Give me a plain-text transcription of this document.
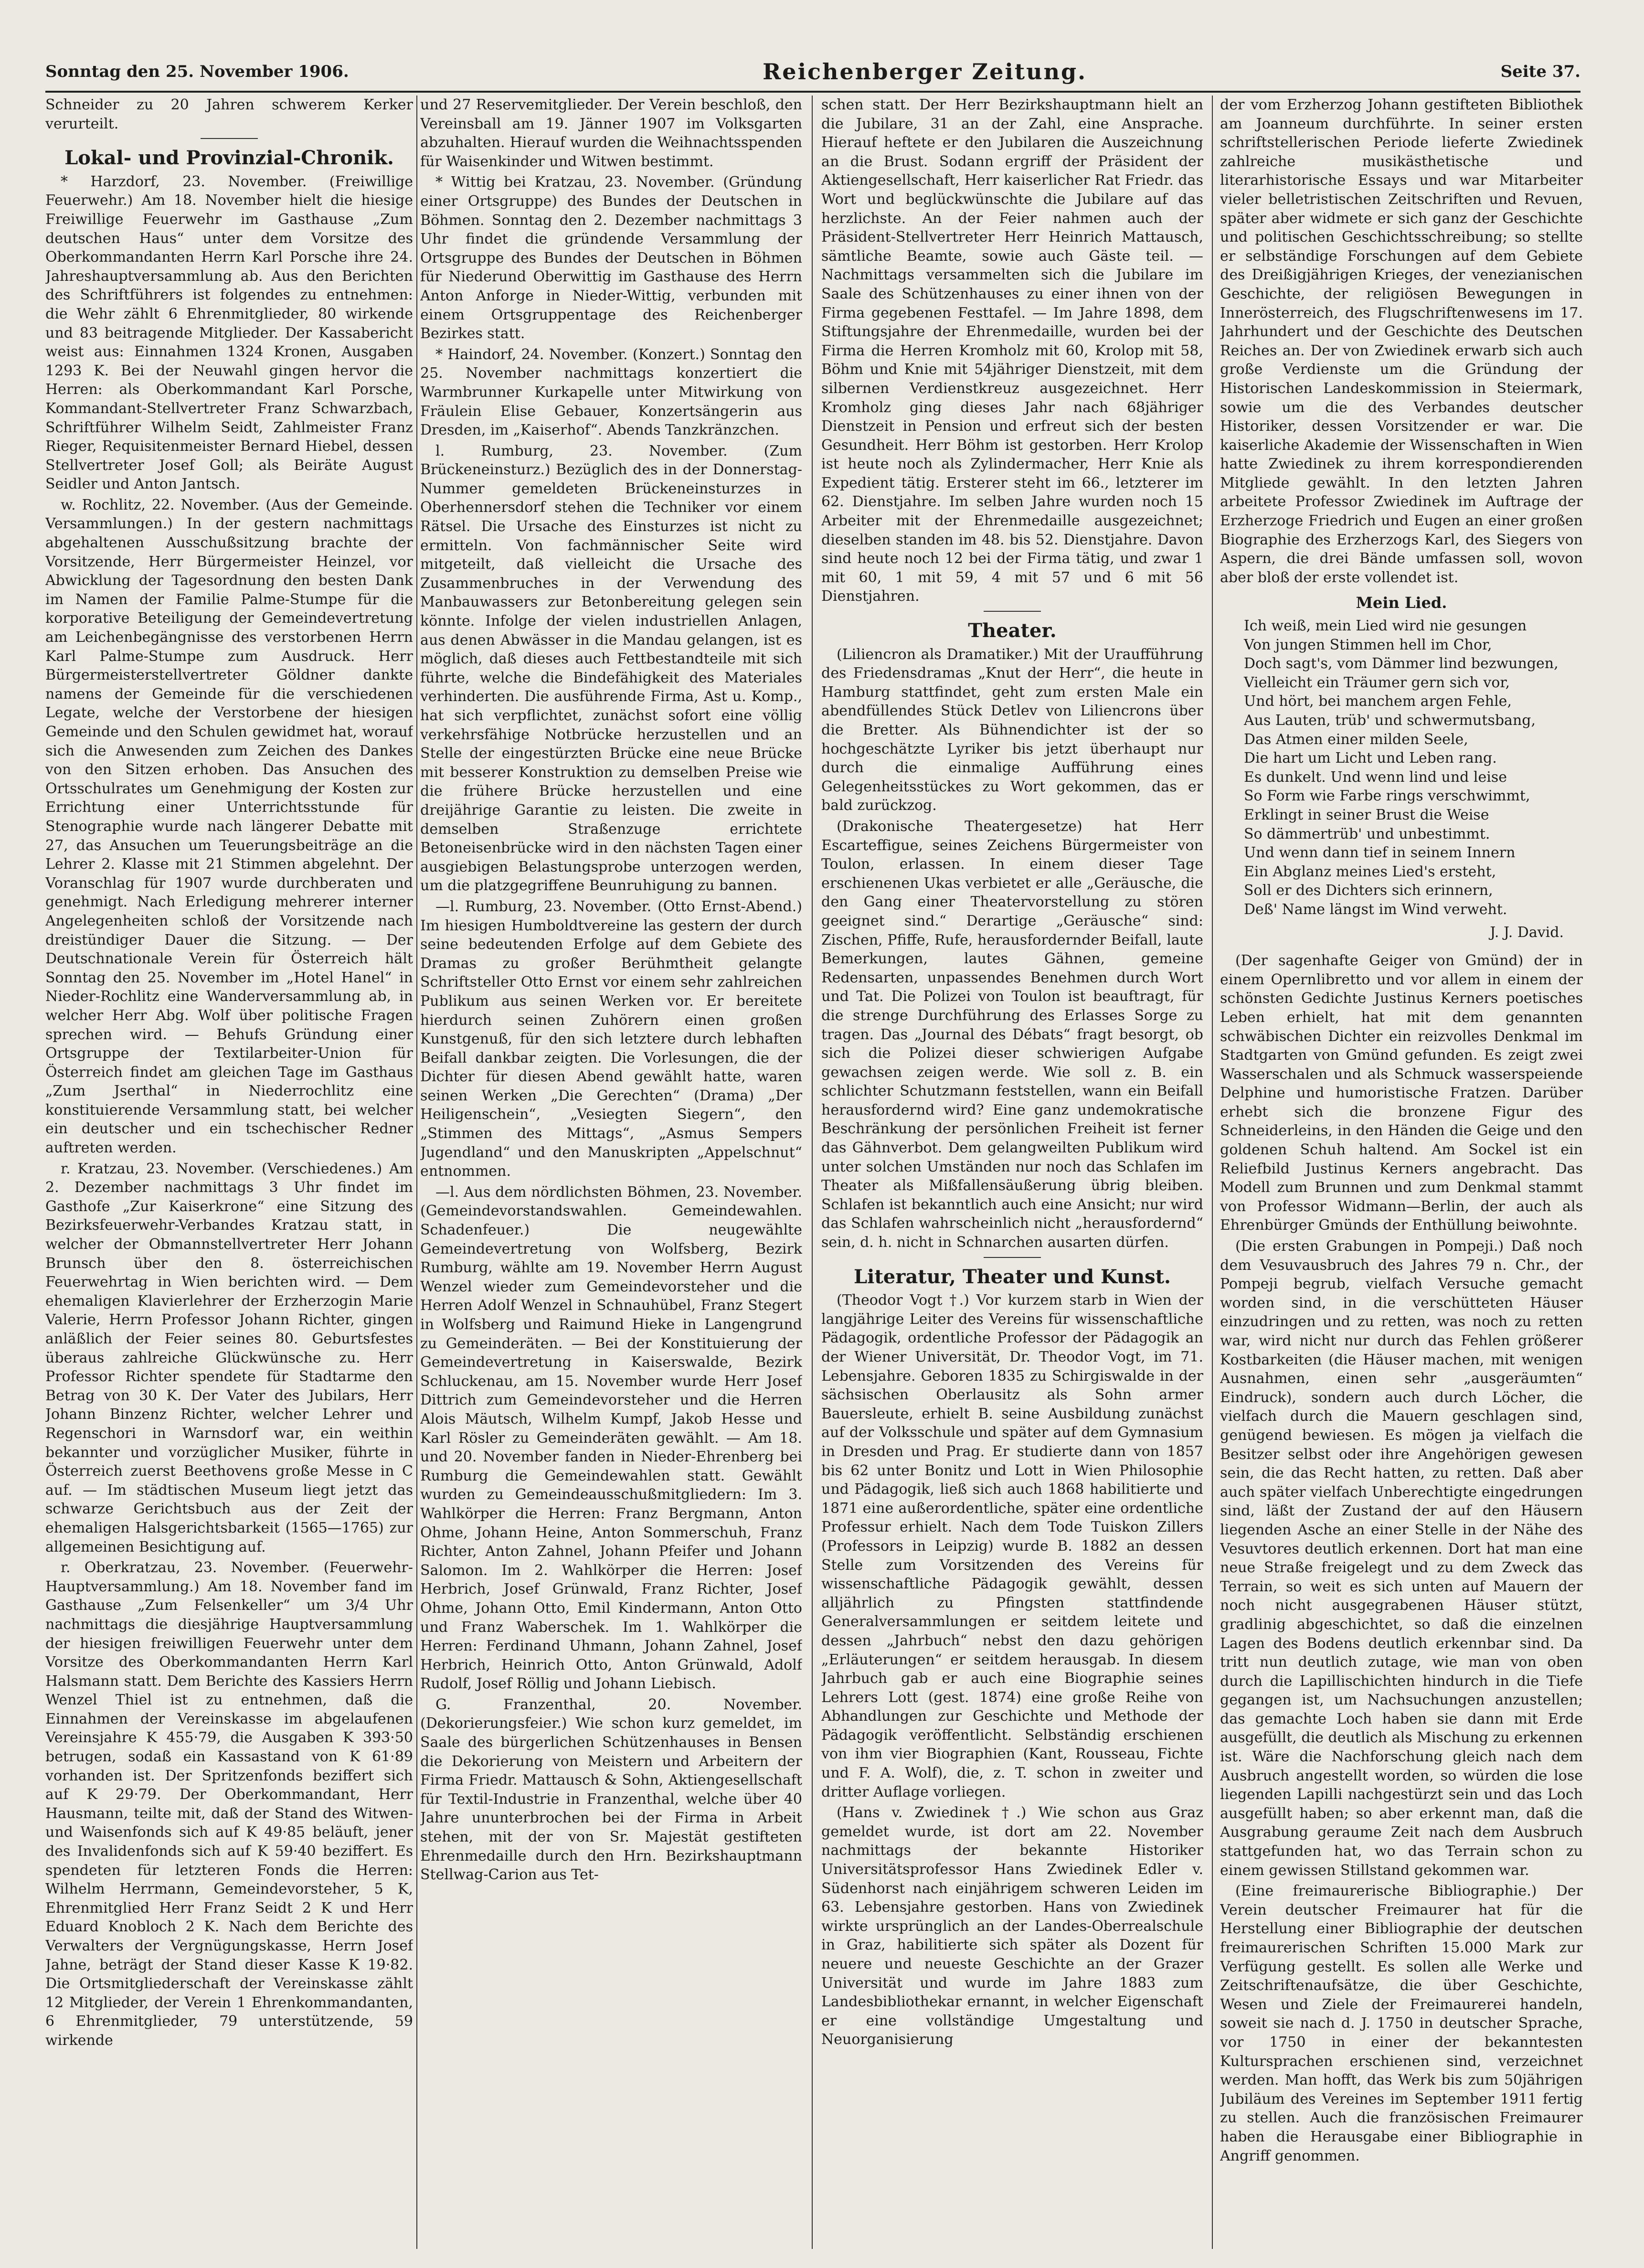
Sonntag den 25. November 1906.	Reichenberger Zeitung.	Seite 37.

Schneider zu 20 Jahren schwerem Kerker verurteilt.

Lokal- und Provinzial-Chronik.

* Harzdorf, 23. November. (Freiwillige Feuerwehr.) Am 18. November hielt die hiesige Freiwillige Feuerwehr im Gasthause „Zum deutschen Haus“ unter dem Vorsitze des Oberkommandanten Herrn Karl Porsche ihre 24. Jahreshauptversammlung ab. Aus den Berichten des Schriftführers ist folgendes zu entnehmen: die Wehr zählt 6 Ehrenmitglieder, 80 wirkende und 83 beitragende Mitglieder. Der Kassabericht weist aus: Einnahmen 1324 Kronen, Ausgaben 1293 K. Bei der Neuwahl gingen hervor die Herren: als Oberkommandant Karl Porsche, Kommandant-Stellvertreter Franz Schwarzbach, Schriftführer Wilhelm Seidt, Zahlmeister Franz Rieger, Requisitenmeister Bernard Hiebel, dessen Stellvertreter Josef Goll; als Beiräte August Seidler und Anton Jantsch.

w. Rochlitz, 22. November. (Aus der Gemeinde. Versammlungen.) In der gestern nachmittags abgehaltenen Ausschußsitzung brachte der Vorsitzende, Herr Bürgermeister Heinzel, vor Abwicklung der Tagesordnung den besten Dank im Namen der Familie Palme-Stumpe für die korporative Beteiligung der Gemeindevertretung am Leichenbegängnisse des verstorbenen Herrn Karl Palme-Stumpe zum Ausdruck. Herr Bürgermeisterstellvertreter Göldner dankte namens der Gemeinde für die verschiedenen Legate, welche der Verstorbene der hiesigen Gemeinde und den Schulen gewidmet hat, worauf sich die Anwesenden zum Zeichen des Dankes von den Sitzen erhoben. Das Ansuchen des Ortsschulrates um Genehmigung der Kosten zur Errichtung einer Unterrichtsstunde für Stenographie wurde nach längerer Debatte mit 27, das Ansuchen um Teuerungsbeiträge an die Lehrer 2. Klasse mit 21 Stimmen abgelehnt. Der Voranschlag für 1907 wurde durchberaten und genehmigt. Nach Erledigung mehrerer interner Angelegenheiten schloß der Vorsitzende nach dreistündiger Dauer die Sitzung. — Der Deutschnationale Verein für Österreich hält Sonntag den 25. November im „Hotel Hanel“ in Nieder-Rochlitz eine Wanderversammlung ab, in welcher Herr Abg. Wolf über politische Fragen sprechen wird. — Behufs Gründung einer Ortsgruppe der Textilarbeiter-Union für Österreich findet am gleichen Tage im Gasthaus „Zum Jserthal“ in Niederrochlitz eine konstituierende Versammlung statt, bei welcher ein deutscher und ein tschechischer Redner auftreten werden.

r. Kratzau, 23. November. (Verschiedenes.) Am 2. Dezember nachmittags 3 Uhr findet im Gasthofe „Zur Kaiserkrone“ eine Sitzung des Bezirksfeuerwehr-Verbandes Kratzau statt, in welcher der Obmannstellvertreter Herr Johann Brunsch über den 8. österreichischen Feuerwehrtag in Wien berichten wird. — Dem ehemaligen Klavierlehrer der Erzherzogin Marie Valerie, Herrn Professor Johann Richter, gingen anläßlich der Feier seines 80. Geburtsfestes überaus zahlreiche Glückwünsche zu. Herr Professor Richter spendete für Stadtarme den Betrag von 30 K. Der Vater des Jubilars, Herr Johann Binzenz Richter, welcher Lehrer und Regenschori in Warnsdorf war, ein weithin bekannter und vorzüglicher Musiker, führte in Österreich zuerst Beethovens große Messe in C auf. — Im städtischen Museum liegt jetzt das schwarze Gerichtsbuch aus der Zeit der ehemaligen Halsgerichtsbarkeit (1565—1765) zur allgemeinen Besichtigung auf.

r. Oberkratzau, 23. November. (Feuerwehr-Hauptversammlung.) Am 18. November fand im Gasthause „Zum Felsenkeller“ um 3/4 Uhr nachmittags die diesjährige Hauptversammlung der hiesigen freiwilligen Feuerwehr unter dem Vorsitze des Oberkommandanten Herrn Karl Halsmann statt. Dem Berichte des Kassiers Herrn Wenzel Thiel ist zu entnehmen, daß die Einnahmen der Vereinskasse im abgelaufenen Vereinsjahre K 455·79, die Ausgaben K 393·50 betrugen, sodaß ein Kassastand von K 61·89 vorhanden ist. Der Spritzenfonds beziffert sich auf K 29·79. Der Oberkommandant, Herr Hausmann, teilte mit, daß der Stand des Witwen- und Waisenfonds sich auf K 49·85 beläuft, jener des Invalidenfonds sich auf K 59·40 beziffert. Es spendeten für letzteren Fonds die Herren: Wilhelm Herrmann, Gemeindevorsteher, 5 K, Ehrenmitglied Herr Franz Seidt 2 K und Herr Eduard Knobloch 2 K. Nach dem Berichte des Verwalters der Vergnügungskasse, Herrn Josef Jahne, beträgt der Stand dieser Kasse K 19·82. Die Ortsmitgliederschaft der Vereinskasse zählt 12 Mitglieder, der Verein 1 Ehrenkommandanten, 6 Ehrenmitglieder, 79 unterstützende, 59 wirkende

und 27 Reservemitglieder. Der Verein beschloß, den Vereinsball am 19. Jänner 1907 im Volksgarten abzuhalten. Hierauf wurden die Weihnachtsspenden für Waisenkinder und Witwen bestimmt.

* Wittig bei Kratzau, 23. November. (Gründung einer Ortsgruppe) des Bundes der Deutschen in Böhmen. Sonntag den 2. Dezember nachmittags 3 Uhr findet die gründende Versammlung der Ortsgruppe des Bundes der Deutschen in Böhmen für Niederund Oberwittig im Gasthause des Herrn Anton Anforge in Nieder-Wittig, verbunden mit einem Ortsgruppentage des Reichenberger Bezirkes statt.

* Haindorf, 24. November. (Konzert.) Sonntag den 25. November nachmittags konzertiert die Warmbrunner Kurkapelle unter Mitwirkung von Fräulein Elise Gebauer, Konzertsängerin aus Dresden, im „Kaiserhof“. Abends Tanzkränzchen.

l. Rumburg, 23. November. (Zum Brückeneinsturz.) Bezüglich des in der Donnerstag-Nummer gemeldeten Brückeneinsturzes in Oberhennersdorf stehen die Techniker vor einem Rätsel. Die Ursache des Einsturzes ist nicht zu ermitteln. Von fachmännischer Seite wird mitgeteilt, daß vielleicht die Ursache des Zusammenbruches in der Verwendung des Manbauwassers zur Betonbereitung gelegen sein könnte. Infolge der vielen industriellen Anlagen, aus denen Abwässer in die Mandau gelangen, ist es möglich, daß dieses auch Fettbestandteile mit sich führte, welche die Bindefähigkeit des Materiales verhinderten. Die ausführende Firma, Ast u. Komp., hat sich verpflichtet, zunächst sofort eine völlig verkehrsfähige Notbrücke herzustellen und an Stelle der eingestürzten Brücke eine neue Brücke mit besserer Konstruktion zu demselben Preise wie die frühere Brücke herzustellen und eine dreijährige Garantie zu leisten. Die zweite in demselben Straßenzuge errichtete Betoneisenbrücke wird in den nächsten Tagen einer ausgiebigen Belastungsprobe unterzogen werden, um die platzgegriffene Beunruhigung zu bannen.

—l. Rumburg, 23. November. (Otto Ernst-Abend.) Im hiesigen Humboldtvereine las gestern der durch seine bedeutenden Erfolge auf dem Gebiete des Dramas zu großer Berühmtheit gelangte Schriftsteller Otto Ernst vor einem sehr zahlreichen Publikum aus seinen Werken vor. Er bereitete hierdurch seinen Zuhörern einen großen Kunstgenuß, für den sich letztere durch lebhaften Beifall dankbar zeigten. Die Vorlesungen, die der Dichter für diesen Abend gewählt hatte, waren seinen Werken „Die Gerechten“ (Drama) „Der Heiligenschein“, „Vesiegten Siegern“, den „Stimmen des Mittags“, „Asmus Sempers Jugendland“ und den Manuskripten „Appelschnut“ entnommen.

—l. Aus dem nördlichsten Böhmen, 23. November. (Gemeindevorstandswahlen. Gemeindewahlen. Schadenfeuer.) Die neugewählte Gemeindevertretung von Wolfsberg, Bezirk Rumburg, wählte am 19. November Herrn August Wenzel wieder zum Gemeindevorsteher und die Herren Adolf Wenzel in Schnauhübel, Franz Stegert in Wolfsberg und Raimund Hieke in Langengrund zu Gemeinderäten. — Bei der Konstituierung der Gemeindevertretung in Kaiserswalde, Bezirk Schluckenau, am 15. November wurde Herr Josef Dittrich zum Gemeindevorsteher und die Herren Alois Mäutsch, Wilhelm Kumpf, Jakob Hesse und Karl Rösler zu Gemeinderäten gewählt. — Am 18. und 20. November fanden in Nieder-Ehrenberg bei Rumburg die Gemeindewahlen statt. Gewählt wurden zu Gemeindeausschußmitgliedern: Im 3. Wahlkörper die Herren: Franz Bergmann, Anton Ohme, Johann Heine, Anton Sommerschuh, Franz Richter, Anton Zahnel, Johann Pfeifer und Johann Salomon. Im 2. Wahlkörper die Herren: Josef Herbrich, Josef Grünwald, Franz Richter, Josef Ohme, Johann Otto, Emil Kindermann, Anton Otto und Franz Waberschek. Im 1. Wahlkörper die Herren: Ferdinand Uhmann, Johann Zahnel, Josef Herbrich, Heinrich Otto, Anton Grünwald, Adolf Rudolf, Josef Röllig und Johann Liebisch.

G. Franzenthal, 20. November. (Dekorierungsfeier.) Wie schon kurz gemeldet, im Saale des bürgerlichen Schützenhauses in Bensen die Dekorierung von Meistern und Arbeitern der Firma Friedr. Mattausch & Sohn, Aktiengesellschaft für Textil-Industrie in Franzenthal, welche über 40 Jahre ununterbrochen bei der Firma in Arbeit stehen, mit der von Sr. Majestät gestifteten Ehrenmedaille durch den Hrn. Bezirkshauptmann Stellwag-Carion aus Tet-

schen statt. Der Herr Bezirkshauptmann hielt an die Jubilare, 31 an der Zahl, eine Ansprache. Hierauf heftete er den Jubilaren die Auszeichnung an die Brust. Sodann ergriff der Präsident der Aktiengesellschaft, Herr kaiserlicher Rat Friedr. das Wort und beglückwünschte die Jubilare auf das herzlichste. An der Feier nahmen auch der Präsident-Stellvertreter Herr Heinrich Mattausch, sämtliche Beamte, sowie auch Gäste teil. — Nachmittags versammelten sich die Jubilare im Saale des Schützenhauses zu einer ihnen von der Firma gegebenen Festtafel. — Im Jahre 1898, dem Stiftungsjahre der Ehrenmedaille, wurden bei der Firma die Herren Kromholz mit 60, Krolop mit 58, Böhm und Knie mit 54jähriger Dienstzeit, mit dem silbernen Verdienstkreuz ausgezeichnet. Herr Kromholz ging dieses Jahr nach 68jähriger Dienstzeit in Pension und erfreut sich der besten Gesundheit. Herr Böhm ist gestorben. Herr Krolop ist heute noch als Zylindermacher, Herr Knie als Expedient tätig. Ersterer steht im 66., letzterer im 62. Dienstjahre. Im selben Jahre wurden noch 15 Arbeiter mit der Ehrenmedaille ausgezeichnet; dieselben standen im 48. bis 52. Dienstjahre. Davon sind heute noch 12 bei der Firma tätig, und zwar 1 mit 60, 1 mit 59, 4 mit 57 und 6 mit 56 Dienstjahren.

Theater.

(Liliencron als Dramatiker.) Mit der Uraufführung des Friedensdramas „Knut der Herr“, die heute in Hamburg stattfindet, geht zum ersten Male ein abendfüllendes Stück Detlev von Liliencrons über die Bretter. Als Bühnendichter ist der so hochgeschätzte Lyriker bis jetzt überhaupt nur durch die einmalige Aufführung eines Gelegenheitsstückes zu Wort gekommen, das er bald zurückzog.

(Drakonische Theatergesetze) hat Herr Escarteffigue, seines Zeichens Bürgermeister von Toulon, erlassen. In einem dieser Tage erschienenen Ukas verbietet er alle „Geräusche, die den Gang einer Theatervorstellung zu stören geeignet sind.“ Derartige „Geräusche“ sind: Zischen, Pfiffe, Rufe, herausfordernder Beifall, laute Bemerkungen, lautes Gähnen, gemeine Redensarten, unpassendes Benehmen durch Wort und Tat. Die Polizei von Toulon ist beauftragt, für die strenge Durchführung des Erlasses Sorge zu tragen. Das „Journal des Débats“ fragt besorgt, ob sich die Polizei dieser schwierigen Aufgabe gewachsen zeigen werde. Wie soll z. B. ein schlichter Schutzmann feststellen, wann ein Beifall herausfordernd wird? Eine ganz undemokratische Beschränkung der persönlichen Freiheit ist ferner das Gähnverbot. Dem gelangweilten Publikum wird unter solchen Umständen nur noch das Schlafen im Theater als Mißfallensäußerung übrig bleiben. Schlafen ist bekanntlich auch eine Ansicht; nur wird das Schlafen wahrscheinlich nicht „herausfordernd“ sein, d. h. nicht in Schnarchen ausarten dürfen.

Literatur, Theater und Kunst.

(Theodor Vogt †.) Vor kurzem starb in Wien der langjährige Leiter des Vereins für wissenschaftliche Pädagogik, ordentliche Professor der Pädagogik an der Wiener Universität, Dr. Theodor Vogt, im 71. Lebensjahre. Geboren 1835 zu Schirgiswalde in der sächsischen Oberlausitz als Sohn armer Bauersleute, erhielt B. seine Ausbildung zunächst auf der Volksschule und später auf dem Gymnasium in Dresden und Prag. Er studierte dann von 1857 bis 62 unter Bonitz und Lott in Wien Philosophie und Pädagogik, ließ sich auch 1868 habilitierte und 1871 eine außerordentliche, später eine ordentliche Professur erhielt. Nach dem Tode Tuiskon Zillers (Professors in Leipzig) wurde B. 1882 an dessen Stelle zum Vorsitzenden des Vereins für wissenschaftliche Pädagogik gewählt, dessen alljährlich zu Pfingsten stattfindende Generalversammlungen er seitdem leitete und dessen „Jahrbuch“ nebst den dazu gehörigen „Erläuterungen“ er seitdem herausgab. In diesem Jahrbuch gab er auch eine Biographie seines Lehrers Lott (gest. 1874) eine große Reihe von Abhandlungen zur Geschichte und Methode der Pädagogik veröffentlicht. Selbständig erschienen von ihm vier Biographien (Kant, Rousseau, Fichte und F. A. Wolf), die, z. T. schon in zweiter und dritter Auflage vorliegen.

(Hans v. Zwiedinek †.) Wie schon aus Graz gemeldet wurde, ist dort am 22. November nachmittags der bekannte Historiker Universitätsprofessor Hans Zwiedinek Edler v. Südenhorst nach einjährigem schweren Leiden im 63. Lebensjahre gestorben. Hans von Zwiedinek wirkte ursprünglich an der Landes-Oberrealschule in Graz, habilitierte sich später als Dozent für neuere und neueste Geschichte an der Grazer Universität und wurde im Jahre 1883 zum Landesbibliothekar ernannt, in welcher Eigenschaft er eine vollständige Umgestaltung und Neuorganisierung

der vom Erzherzog Johann gestifteten Bibliothek am Joanneum durchführte. In seiner ersten schriftstellerischen Periode lieferte Zwiedinek zahlreiche musikästhetische und literarhistorische Essays und war Mitarbeiter vieler belletristischen Zeitschriften und Revuen, später aber widmete er sich ganz der Geschichte und politischen Geschichtsschreibung; so stellte er selbständige Forschungen auf dem Gebiete des Dreißigjährigen Krieges, der venezianischen Geschichte, der religiösen Bewegungen in Innerösterreich, des Flugschriftenwesens im 17. Jahrhundert und der Geschichte des Deutschen Reiches an. Der von Zwiedinek erwarb sich auch große Verdienste um die Gründung der Historischen Landeskommission in Steiermark, sowie um die des Verbandes deutscher Historiker, dessen Vorsitzender er war. Die kaiserliche Akademie der Wissenschaften in Wien hatte Zwiedinek zu ihrem korrespondierenden Mitgliede gewählt. In den letzten Jahren arbeitete Professor Zwiedinek im Auftrage der Erzherzoge Friedrich und Eugen an einer großen Biographie des Erzherzogs Karl, des Siegers von Aspern, die drei Bände umfassen soll, wovon aber bloß der erste vollendet ist.

Mein Lied.
Ich weiß, mein Lied wird nie gesungen
Von jungen Stimmen hell im Chor,
Doch sagt's, vom Dämmer lind bezwungen,
Vielleicht ein Träumer gern sich vor,
Und hört, bei manchem argen Fehle,
Aus Lauten, trüb' und schwermutsbang,
Das Atmen einer milden Seele,
Die hart um Licht und Leben rang.
Es dunkelt. Und wenn lind und leise
So Form wie Farbe rings verschwimmt,
Erklingt in seiner Brust die Weise
So dämmertrüb' und unbestimmt.
Und wenn dann tief in seinem Innern
Ein Abglanz meines Lied's ersteht,
Soll er des Dichters sich erinnern,
Deß' Name längst im Wind verweht.
J. J. David.

(Der sagenhafte Geiger von Gmünd) der in einem Opernlibretto und vor allem in einem der schönsten Gedichte Justinus Kerners poetisches Leben erhielt, hat mit dem genannten schwäbischen Dichter ein reizvolles Denkmal im Stadtgarten von Gmünd gefunden. Es zeigt zwei Wasserschalen und als Schmuck wasserspeiende Delphine und humoristische Fratzen. Darüber erhebt sich die bronzene Figur des Schneiderleins, in den Händen die Geige und den goldenen Schuh haltend. Am Sockel ist ein Reliefbild Justinus Kerners angebracht. Das Modell zum Brunnen und zum Denkmal stammt von Professor Widmann—Berlin, der auch als Ehrenbürger Gmünds der Enthüllung beiwohnte.

(Die ersten Grabungen in Pompeji.) Daß noch dem Vesuvausbruch des Jahres 79 n. Chr., der Pompeji begrub, vielfach Versuche gemacht worden sind, in die verschütteten Häuser einzudringen und zu retten, was noch zu retten war, wird nicht nur durch das Fehlen größerer Kostbarkeiten (die Häuser machen, mit wenigen Ausnahmen, einen sehr „ausgeräumten“ Eindruck), sondern auch durch Löcher, die vielfach durch die Mauern geschlagen sind, genügend bewiesen. Es mögen ja vielfach die Besitzer selbst oder ihre Angehörigen gewesen sein, die das Recht hatten, zu retten. Daß aber auch später vielfach Unberechtigte eingedrungen sind, läßt der Zustand der auf den Häusern liegenden Asche an einer Stelle in der Nähe des Vesuvtores deutlich erkennen. Dort hat man eine neue Straße freigelegt und zu dem Zweck das Terrain, so weit es sich unten auf Mauern der noch nicht ausgegrabenen Häuser stützt, gradlinig abgeschichtet, so daß die einzelnen Lagen des Bodens deutlich erkennbar sind. Da tritt nun deutlich zutage, wie man von oben durch die Lapillischichten hindurch in die Tiefe gegangen ist, um Nachsuchungen anzustellen; das gemachte Loch haben sie dann mit Erde ausgefüllt, die deutlich als Mischung zu erkennen ist. Wäre die Nachforschung gleich nach dem Ausbruch angestellt worden, so würden die lose liegenden Lapilli nachgestürzt sein und das Loch ausgefüllt haben; so aber erkennt man, daß die Ausgrabung geraume Zeit nach dem Ausbruch stattgefunden hat, wo das Terrain schon zu einem gewissen Stillstand gekommen war.

(Eine freimaurerische Bibliographie.) Der Verein deutscher Freimaurer hat für die Herstellung einer Bibliographie der deutschen freimaurerischen Schriften 15.000 Mark zur Verfügung gestellt. Es sollen alle Werke und Zeitschriftenaufsätze, die über Geschichte, Wesen und Ziele der Freimaurerei handeln, soweit sie nach d. J. 1750 in deutscher Sprache, vor 1750 in einer der bekanntesten Kultursprachen erschienen sind, verzeichnet werden. Man hofft, das Werk bis zum 50jährigen Jubiläum des Vereines im September 1911 fertig zu stellen. Auch die französischen Freimaurer haben die Herausgabe einer Bibliographie in Angriff genommen.
